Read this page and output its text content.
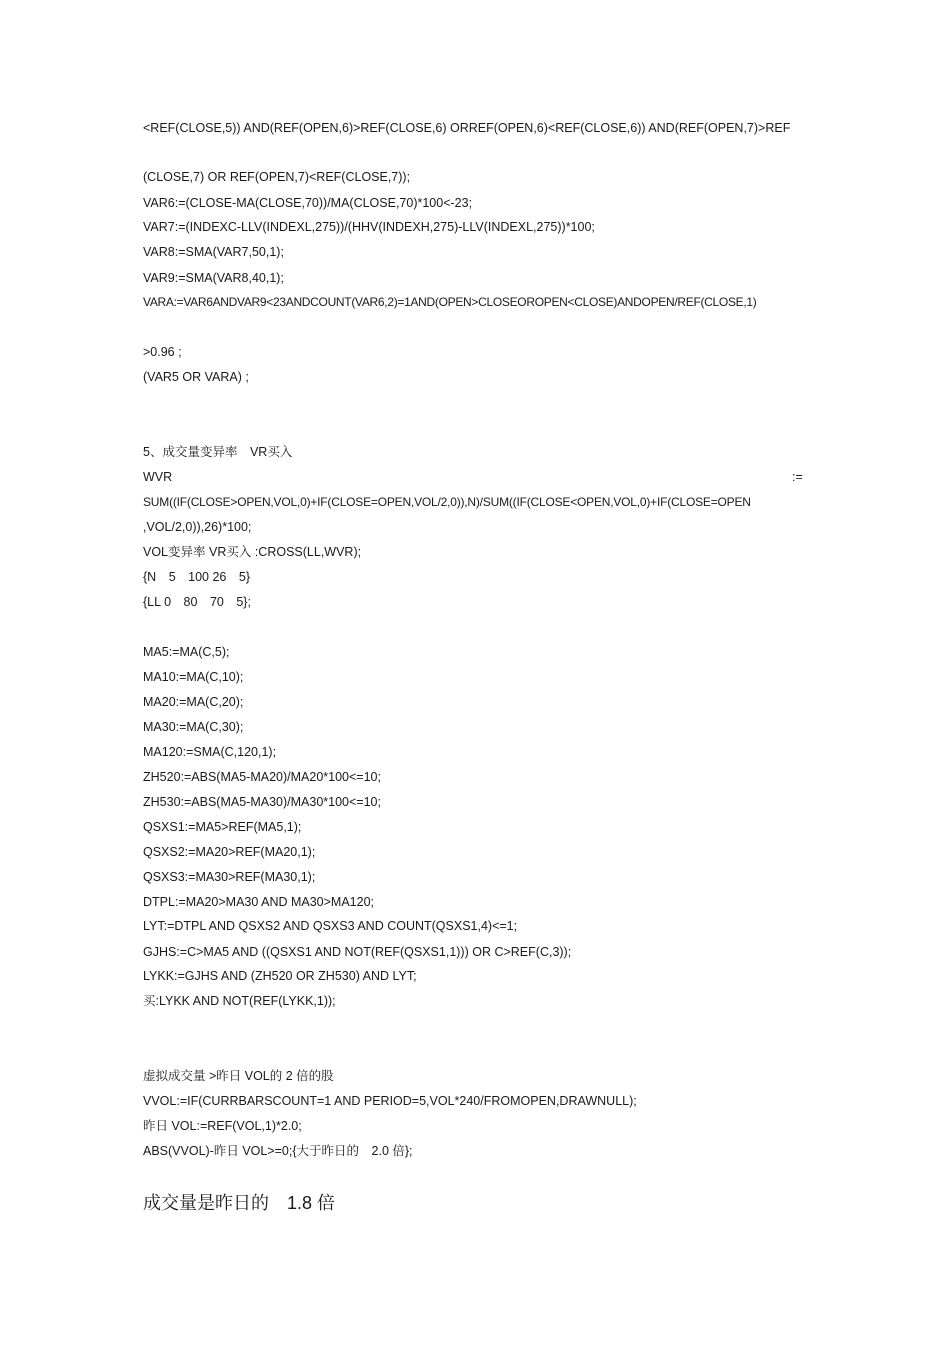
<REF(CLOSE,5)) AND(REF(OPEN,6)>REF(CLOSE,6) ORREF(OPEN,6)<REF(CLOSE,6)) AND(REF(OPEN,7)>REF
(CLOSE,7) OR REF(OPEN,7)<REF(CLOSE,7));
VAR6:=(CLOSE-MA(CLOSE,70))/MA(CLOSE,70)*100<-23;
VAR7:=(INDEXC-LLV(INDEXL,275))/(HHV(INDEXH,275)-LLV(INDEXL,275))*100;
VAR8:=SMA(VAR7,50,1);
VAR9:=SMA(VAR8,40,1);
VARA:=VAR6ANDVAR9<23ANDCOUNT(VAR6,2)=1AND(OPEN>CLOSEOROPEN<CLOSE)ANDOPEN/REF(CLOSE,1)
>0.96 ;
(VAR5 OR VARA) ;
5、成交量变异率　VR买入
WVR	:=
SUM((IF(CLOSE>OPEN,VOL,0)+IF(CLOSE=OPEN,VOL/2,0)),N)/SUM((IF(CLOSE<OPEN,VOL,0)+IF(CLOSE=OPEN
,VOL/2,0)),26)*100;
VOL变异率 VR买入 :CROSS(LL,WVR);
{N　5　100 26　5}
{LL 0　80　70　5};
MA5:=MA(C,5);
MA10:=MA(C,10);
MA20:=MA(C,20);
MA30:=MA(C,30);
MA120:=SMA(C,120,1);
ZH520:=ABS(MA5-MA20)/MA20*100<=10;
ZH530:=ABS(MA5-MA30)/MA30*100<=10;
QSXS1:=MA5>REF(MA5,1);
QSXS2:=MA20>REF(MA20,1);
QSXS3:=MA30>REF(MA30,1);
DTPL:=MA20>MA30 AND MA30>MA120;
LYT:=DTPL AND QSXS2 AND QSXS3 AND COUNT(QSXS1,4)<=1;
GJHS:=C>MA5 AND ((QSXS1 AND NOT(REF(QSXS1,1))) OR C>REF(C,3));
LYKK:=GJHS AND (ZH520 OR ZH530) AND LYT;
买:LYKK AND NOT(REF(LYKK,1));
虚拟成交量 >昨日 VOL的 2 倍的股
VVOL:=IF(CURRBARSCOUNT=1 AND PERIOD=5,VOL*240/FROMOPEN,DRAWNULL);
昨日 VOL:=REF(VOL,1)*2.0;
ABS(VVOL)-昨日 VOL>=0;{大于昨日的　2.0 倍};
成交量是昨日的　1.8 倍
